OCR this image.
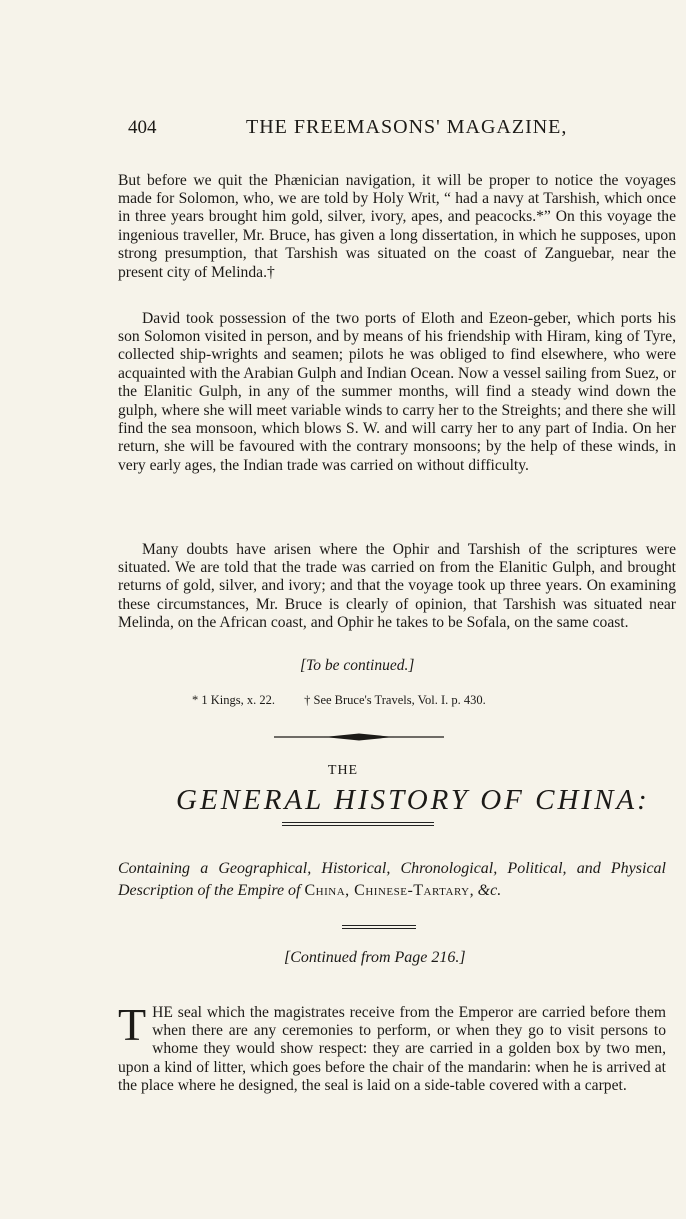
404	THE FREEMASONS' MAGAZINE,

But before we quit the Phænician navigation, it will be proper to notice the voyages made for Solomon, who, we are told by Holy Writ, “ had a navy at Tarshish, which once in three years brought him gold, silver, ivory, apes, and peacocks.*” On this voyage the ingenious traveller, Mr. Bruce, has given a long dissertation, in which he supposes, upon strong presumption, that Tarshish was situated on the coast of Zanguebar, near the present city of Melinda.†

David took possession of the two ports of Eloth and Ezeon-geber, which ports his son Solomon visited in person, and by means of his friendship with Hiram, king of Tyre, collected ship-wrights and seamen; pilots he was obliged to find elsewhere, who were acquainted with the Arabian Gulph and Indian Ocean. Now a vessel sailing from Suez, or the Elanitic Gulph, in any of the summer months, will find a steady wind down the gulph, where she will meet variable winds to carry her to the Streights; and there she will find the sea monsoon, which blows S. W. and will carry her to any part of India. On her return, she will be favoured with the contrary monsoons; by the help of these winds, in very early ages, the Indian trade was carried on without difficulty.

Many doubts have arisen where the Ophir and Tarshish of the scriptures were situated. We are told that the trade was carried on from the Elanitic Gulph, and brought returns of gold, silver, and ivory; and that the voyage took up three years. On examining these circumstances, Mr. Bruce is clearly of opinion, that Tarshish was situated near Melinda, on the African coast, and Ophir he takes to be Sofala, on the same coast.

[To be continued.]
* 1 Kings, x. 22. † See Bruce's Travels, Vol. I. p. 430.
THE
GENERAL HISTORY OF CHINA:

Containing a Geographical, Historical, Chronological, Political, and Physical Description of the Empire of China, Chinese-Tartary, &c.

[Continued from Page 216.]

THE seal which the magistrates receive from the Emperor are carried before them when there are any ceremonies to perform, or when they go to visit persons to whome they would show respect: they are carried in a golden box by two men, upon a kind of litter, which goes before the chair of the mandarin: when he is arrived at the place where he designed, the seal is laid on a side-table covered with a carpet.
